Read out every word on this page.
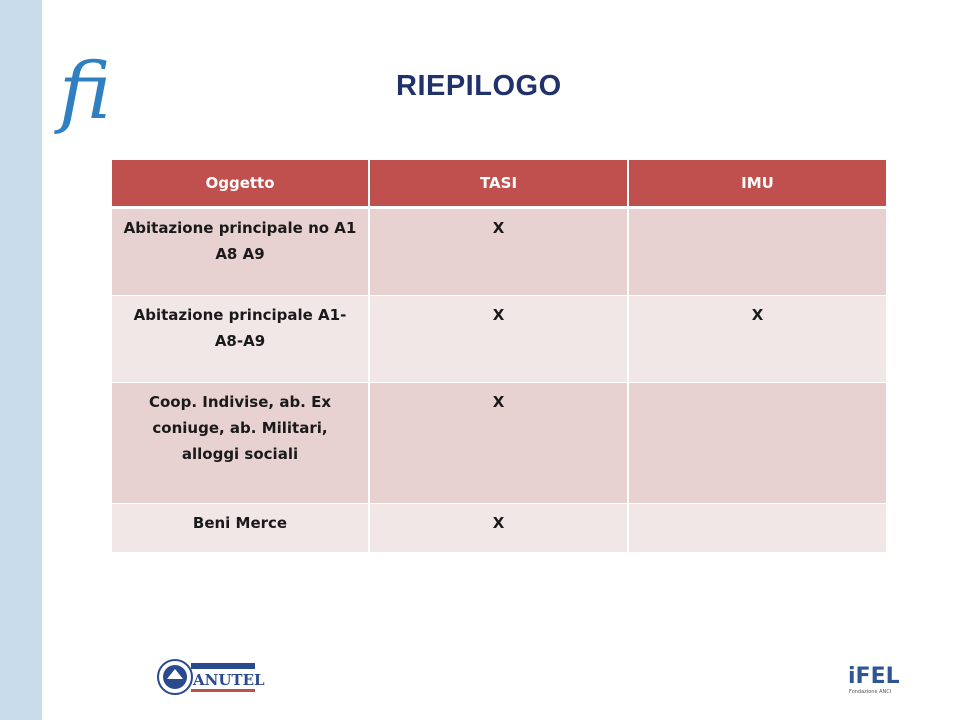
fi	RIEPILOGO
Oggetto	TASI	IMU
Abitazione principale no A1 A8 A9	X	
Abitazione principale A1-A8-A9	X	X
Coop. Indivise, ab. Ex coniuge, ab. Militari, alloggi sociali	X	
Beni Merce	X	
ANUTEL	iFEL
Fondazione ANCI
